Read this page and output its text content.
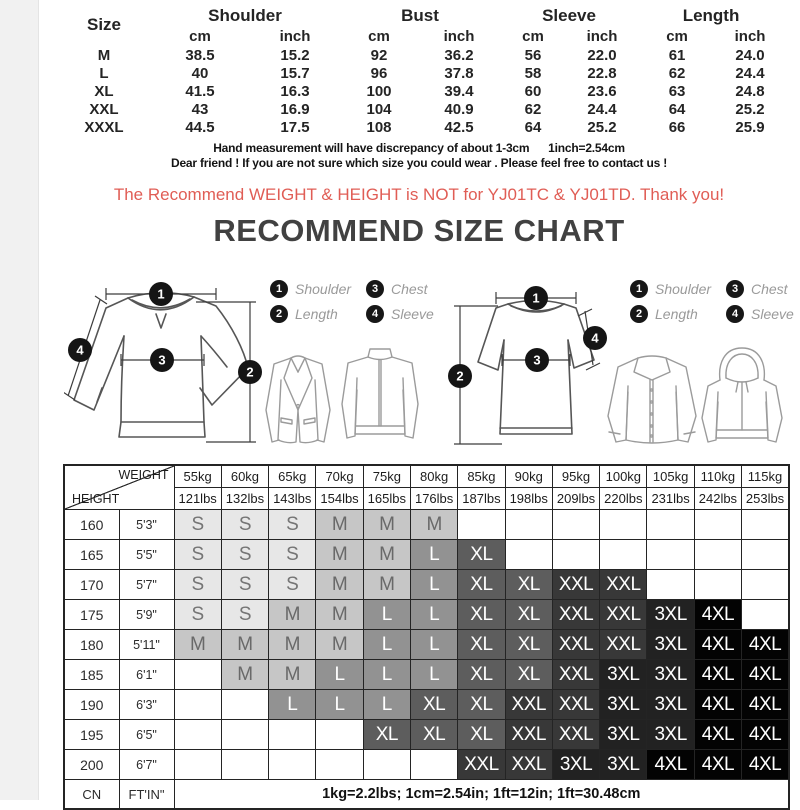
Size	Shoulder		Bust		Sleeve		Length	
	cm	inch	cm	inch	cm	inch	cm	inch
M	38.5	15.2	92	36.2	56	22.0	61	24.0
L	40	15.7	96	37.8	58	22.8	62	24.4
XL	41.5	16.3	100	39.4	60	23.6	63	24.8
XXL	43	16.9	104	40.9	62	24.4	64	25.2
XXXL	44.5	17.5	108	42.5	64	25.2	66	25.9
Hand measurement will have discrepancy of about 1-3cm      1inch=2.54cm
Dear friend ! If you are not sure which size you could wear . Please feel free to contact us !
The Recommend WEIGHT & HEIGHT is NOT for YJ01TC & YJ01TD. Thank you!
RECOMMEND SIZE CHART
1
3
4
2
1 Shoulder	3 Chest
2 Length	4 Sleeve
1
2
3
4
1 Shoulder	3 Chest
2 Length	4 Sleeve
WEIGHT
HEIGHT		55kg	60kg	65kg	70kg	75kg	80kg	85kg	90kg	95kg	100kg	105kg	110kg	115kg
		121lbs	132lbs	143lbs	154lbs	165lbs	176lbs	187lbs	198lbs	209lbs	220lbs	231lbs	242lbs	253lbs
160	5'3"	S	S	S	M	M	M							
165	5'5"	S	S	S	M	M	L	XL						
170	5'7"	S	S	S	M	M	L	XL	XL	XXL	XXL			
175	5'9"	S	S	M	M	L	L	XL	XL	XXL	XXL	3XL	4XL	
180	5'11"	M	M	M	M	L	L	XL	XL	XXL	XXL	3XL	4XL	4XL
185	6'1"		M	M	L	L	L	XL	XL	XXL	3XL	3XL	4XL	4XL
190	6'3"			L	L	L	XL	XL	XXL	XXL	3XL	3XL	4XL	4XL
195	6'5"					XL	XL	XL	XXL	XXL	3XL	3XL	4XL	4XL
200	6'7"							XXL	XXL	3XL	3XL	4XL	4XL	4XL
CN	FT'IN"	1kg=2.2lbs; 1cm=2.54in; 1ft=12in; 1ft=30.48cm												
